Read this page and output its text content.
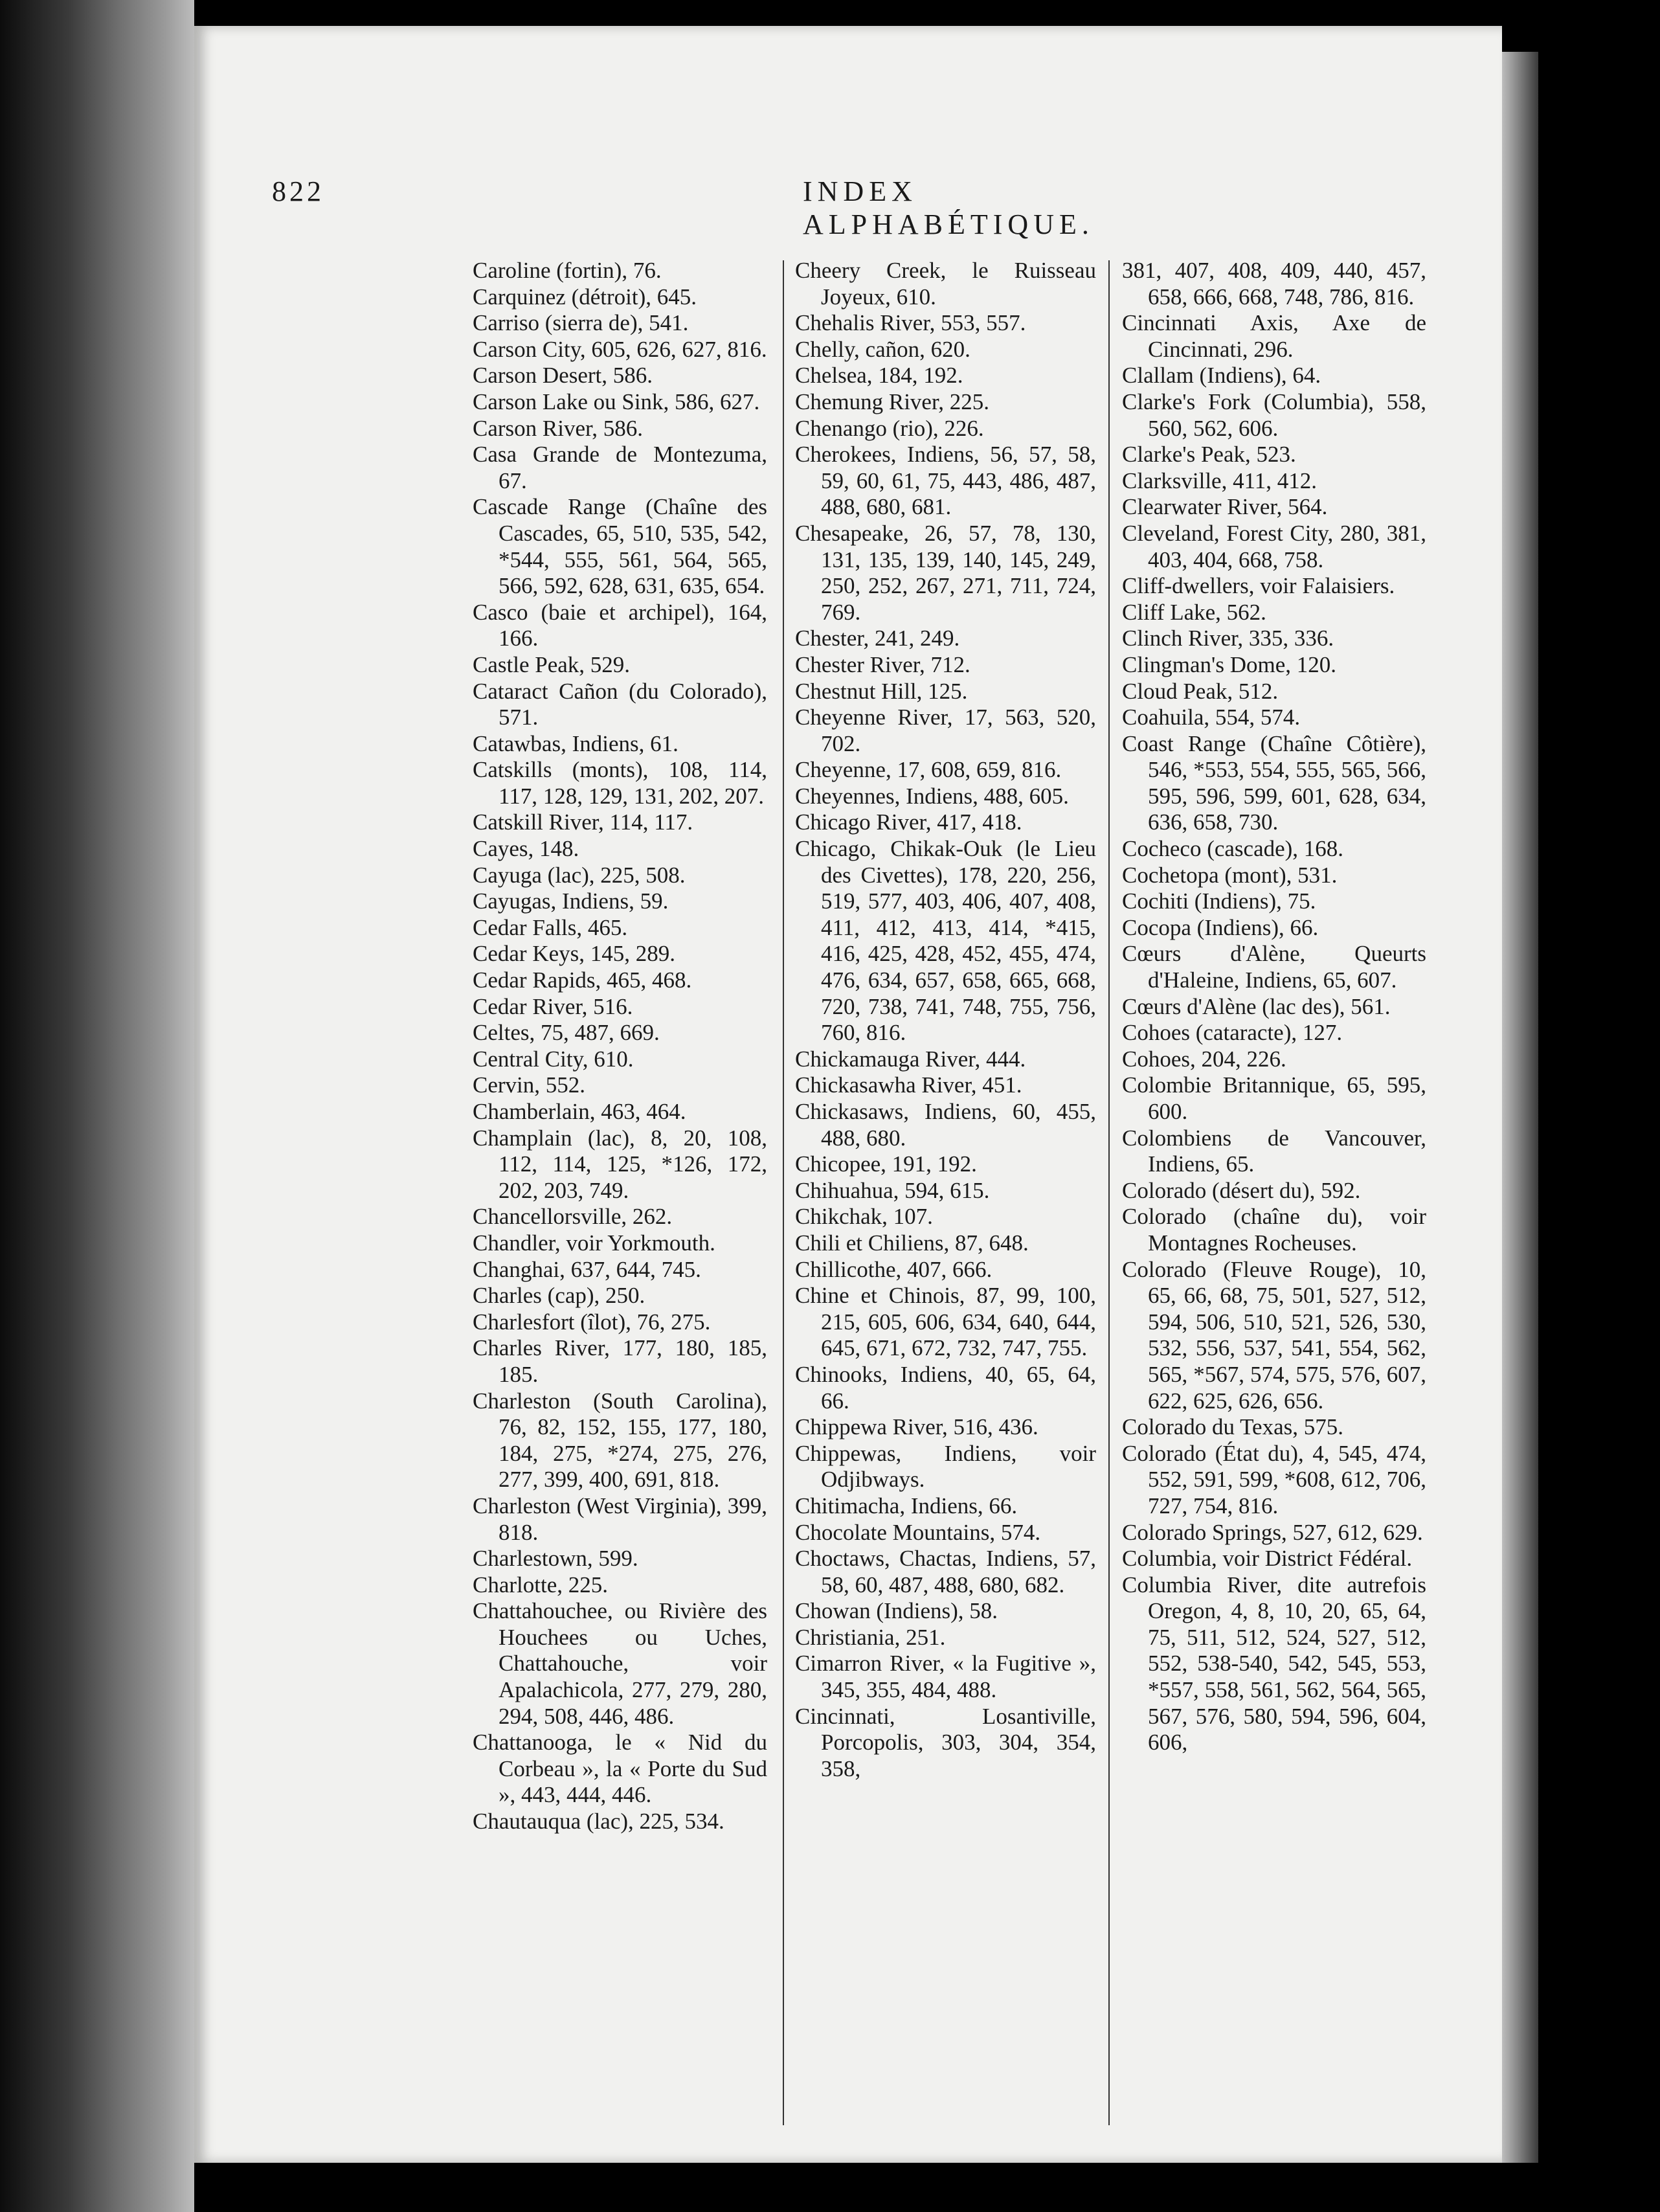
822	INDEX ALPHABÉTIQUE.

Caroline (fortin), 76.

Carquinez (détroit), 645.

Carriso (sierra de), 541.

Carson City, 605, 626, 627, 816.

Carson Desert, 586.

Carson Lake ou Sink, 586, 627.

Carson River, 586.

Casa Grande de Montezuma, 67.

Cascade Range (Chaîne des Cascades, 65, 510, 535, 542, *544, 555, 561, 564, 565, 566, 592, 628, 631, 635, 654.

Casco (baie et archipel), 164, 166.

Castle Peak, 529.

Cataract Cañon (du Colorado), 571.

Catawbas, Indiens, 61.

Catskills (monts), 108, 114, 117, 128, 129, 131, 202, 207.

Catskill River, 114, 117.

Cayes, 148.

Cayuga (lac), 225, 508.

Cayugas, Indiens, 59.

Cedar Falls, 465.

Cedar Keys, 145, 289.

Cedar Rapids, 465, 468.

Cedar River, 516.

Celtes, 75, 487, 669.

Central City, 610.

Cervin, 552.

Chamberlain, 463, 464.

Champlain (lac), 8, 20, 108, 112, 114, 125, *126, 172, 202, 203, 749.

Chancellorsville, 262.

Chandler, voir Yorkmouth.

Changhai, 637, 644, 745.

Charles (cap), 250.

Charlesfort (îlot), 76, 275.

Charles River, 177, 180, 185, 185.

Charleston (South Carolina), 76, 82, 152, 155, 177, 180, 184, 275, *274, 275, 276, 277, 399, 400, 691, 818.

Charleston (West Virginia), 399, 818.

Charlestown, 599.

Charlotte, 225.

Chattahouchee, ou Rivière des Houchees ou Uches, Chattahouche, voir Apalachicola, 277, 279, 280, 294, 508, 446, 486.

Chattanooga, le « Nid du Corbeau », la « Porte du Sud », 443, 444, 446.

Chautauqua (lac), 225, 534.

Cheery Creek, le Ruisseau Joyeux, 610.

Chehalis River, 553, 557.

Chelly, cañon, 620.

Chelsea, 184, 192.

Chemung River, 225.

Chenango (rio), 226.

Cherokees, Indiens, 56, 57, 58, 59, 60, 61, 75, 443, 486, 487, 488, 680, 681.

Chesapeake, 26, 57, 78, 130, 131, 135, 139, 140, 145, 249, 250, 252, 267, 271, 711, 724, 769.

Chester, 241, 249.

Chester River, 712.

Chestnut Hill, 125.

Cheyenne River, 17, 563, 520, 702.

Cheyenne, 17, 608, 659, 816.

Cheyennes, Indiens, 488, 605.

Chicago River, 417, 418.

Chicago, Chikak-Ouk (le Lieu des Civettes), 178, 220, 256, 519, 577, 403, 406, 407, 408, 411, 412, 413, 414, *415, 416, 425, 428, 452, 455, 474, 476, 634, 657, 658, 665, 668, 720, 738, 741, 748, 755, 756, 760, 816.

Chickamauga River, 444.

Chickasawha River, 451.

Chickasaws, Indiens, 60, 455, 488, 680.

Chicopee, 191, 192.

Chihuahua, 594, 615.

Chikchak, 107.

Chili et Chiliens, 87, 648.

Chillicothe, 407, 666.

Chine et Chinois, 87, 99, 100, 215, 605, 606, 634, 640, 644, 645, 671, 672, 732, 747, 755.

Chinooks, Indiens, 40, 65, 64, 66.

Chippewa River, 516, 436.

Chippewas, Indiens, voir Odjibways.

Chitimacha, Indiens, 66.

Chocolate Mountains, 574.

Choctaws, Chactas, Indiens, 57, 58, 60, 487, 488, 680, 682.

Chowan (Indiens), 58.

Christiania, 251.

Cimarron River, « la Fugitive », 345, 355, 484, 488.

Cincinnati, Losantiville, Porcopolis, 303, 304, 354, 358,

381, 407, 408, 409, 440, 457, 658, 666, 668, 748, 786, 816.

Cincinnati Axis, Axe de Cincinnati, 296.

Clallam (Indiens), 64.

Clarke's Fork (Columbia), 558, 560, 562, 606.

Clarke's Peak, 523.

Clarksville, 411, 412.

Clearwater River, 564.

Cleveland, Forest City, 280, 381, 403, 404, 668, 758.

Cliff-dwellers, voir Falaisiers.

Cliff Lake, 562.

Clinch River, 335, 336.

Clingman's Dome, 120.

Cloud Peak, 512.

Coahuila, 554, 574.

Coast Range (Chaîne Côtière), 546, *553, 554, 555, 565, 566, 595, 596, 599, 601, 628, 634, 636, 658, 730.

Cocheco (cascade), 168.

Cochetopa (mont), 531.

Cochiti (Indiens), 75.

Cocopa (Indiens), 66.

Cœurs d'Alène, Queurts d'Haleine, Indiens, 65, 607.

Cœurs d'Alène (lac des), 561.

Cohoes (cataracte), 127.

Cohoes, 204, 226.

Colombie Britannique, 65, 595, 600.

Colombiens de Vancouver, Indiens, 65.

Colorado (désert du), 592.

Colorado (chaîne du), voir Montagnes Rocheuses.

Colorado (Fleuve Rouge), 10, 65, 66, 68, 75, 501, 527, 512, 594, 506, 510, 521, 526, 530, 532, 556, 537, 541, 554, 562, 565, *567, 574, 575, 576, 607, 622, 625, 626, 656.

Colorado du Texas, 575.

Colorado (État du), 4, 545, 474, 552, 591, 599, *608, 612, 706, 727, 754, 816.

Colorado Springs, 527, 612, 629.

Columbia, voir District Fédéral.

Columbia River, dite autrefois Oregon, 4, 8, 10, 20, 65, 64, 75, 511, 512, 524, 527, 512, 552, 538-540, 542, 545, 553, *557, 558, 561, 562, 564, 565, 567, 576, 580, 594, 596, 604, 606,
